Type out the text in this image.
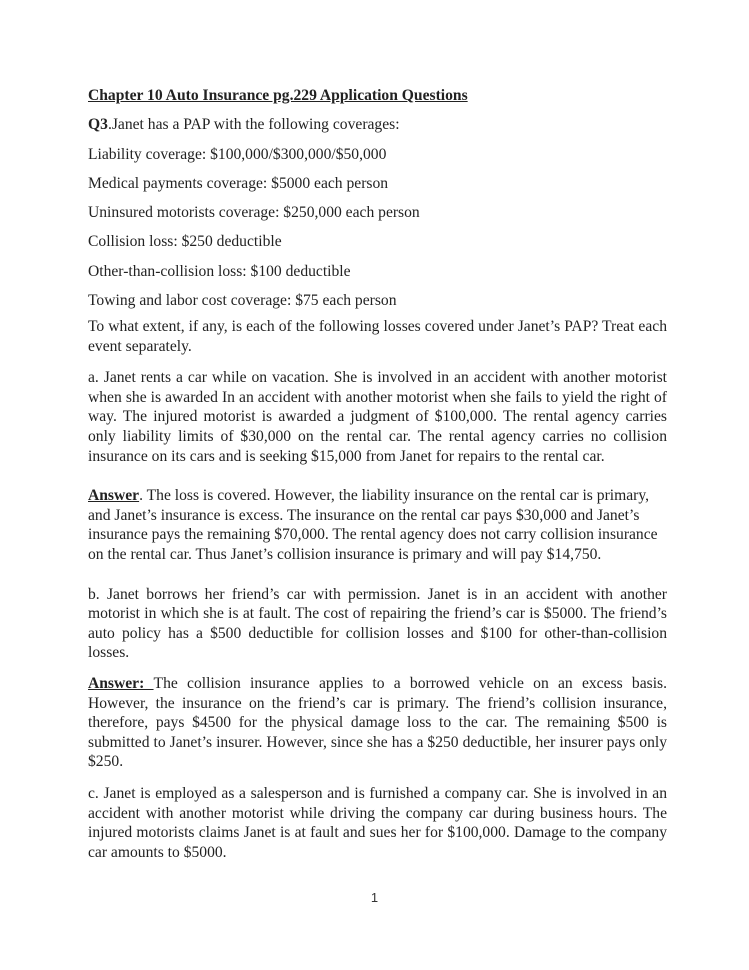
Chapter 10 Auto Insurance pg.229 Application Questions

Q3.Janet has a PAP with the following coverages:

Liability coverage: $100,000/$300,000/$50,000

Medical payments coverage: $5000 each person

Uninsured motorists coverage: $250,000 each person

Collision loss: $250 deductible

Other-than-collision loss: $100 deductible

Towing and labor cost coverage: $75 each person

To what extent, if any, is each of the following losses covered under Janet’s PAP? Treat each event separately.

a. Janet rents a car while on vacation. She is involved in an accident with another motorist when she is awarded In an accident with another motorist when she fails to yield the right of way. The injured motorist is awarded a judgment of $100,000. The rental agency carries only liability limits of $30,000 on the rental car. The rental agency carries no collision insurance on its cars and is seeking $15,000 from Janet for repairs to the rental car.

Answer. The loss is covered. However, the liability insurance on the rental car is primary, and Janet’s insurance is excess. The insurance on the rental car pays $30,000 and Janet’s insurance pays the remaining $70,000. The rental agency does not carry collision insurance on the rental car. Thus Janet’s collision insurance is primary and will pay $14,750.

b. Janet borrows her friend’s car with permission. Janet is in an accident with another motorist in which she is at fault. The cost of repairing the friend’s car is $5000. The friend’s auto policy has a $500 deductible for collision losses and $100 for other-than-collision losses.

Answer: The collision insurance applies to a borrowed vehicle on an excess basis. However, the insurance on the friend’s car is primary. The friend’s collision insurance, therefore, pays $4500 for the physical damage loss to the car. The remaining $500 is submitted to Janet’s insurer. However, since she has a $250 deductible, her insurer pays only $250.

c. Janet is employed as a salesperson and is furnished a company car. She is involved in an accident with another motorist while driving the company car during business hours. The injured motorists claims Janet is at fault and sues her for $100,000. Damage to the company car amounts to $5000.

1
